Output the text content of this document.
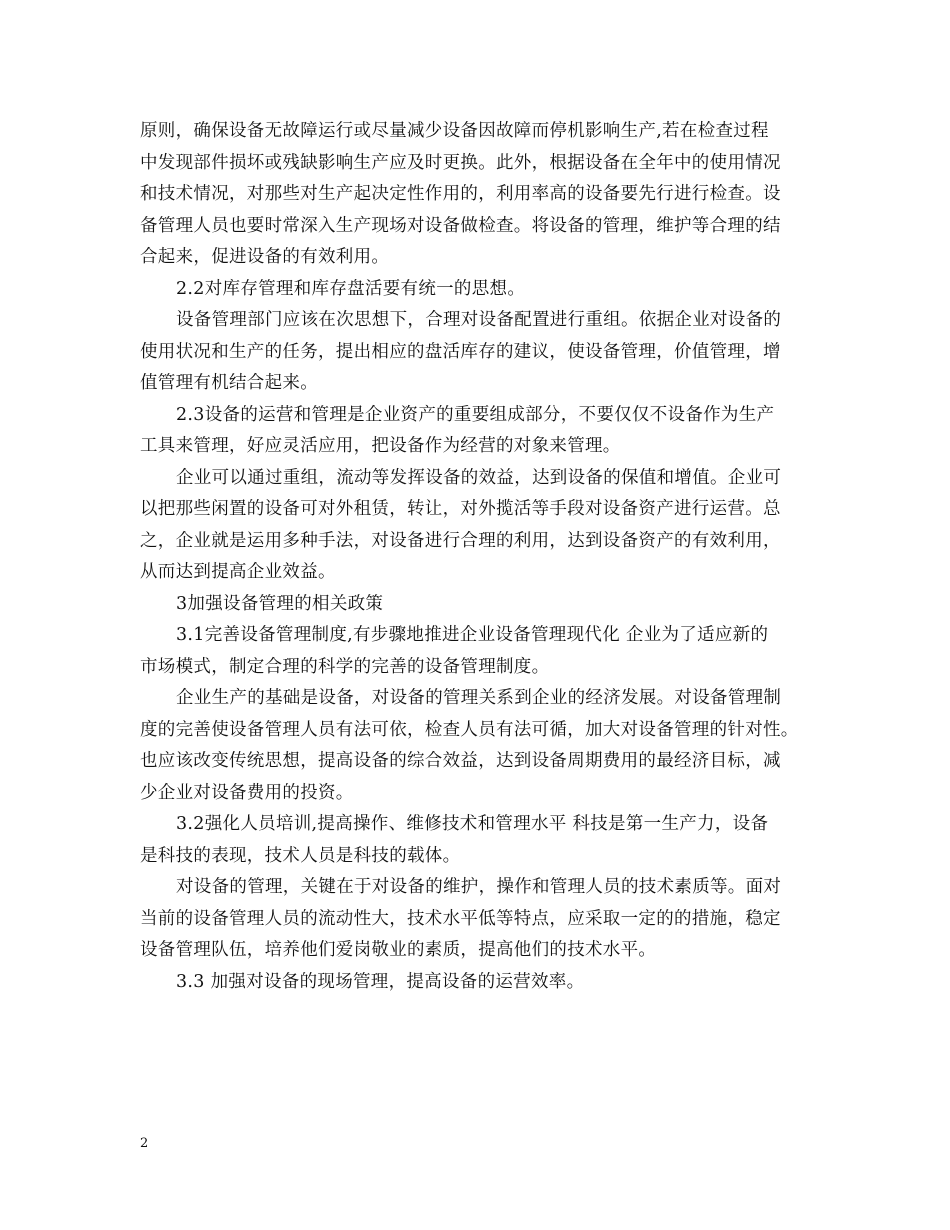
原则，确保设备无故障运行或尽量减少设备因故障而停机影响生产,若在检查过程
中发现部件损坏或残缺影响生产应及时更换。此外，根据设备在全年中的使用情况
和技术情况，对那些对生产起决定性作用的，利用率高的设备要先行进行检查。设
备管理人员也要时常深入生产现场对设备做检查。将设备的管理，维护等合理的结
合起来，促进设备的有效利用。
2.2对库存管理和库存盘活要有统一的思想。
设备管理部门应该在次思想下，合理对设备配置进行重组。依据企业对设备的
使用状况和生产的任务，提出相应的盘活库存的建议，使设备管理，价值管理，增
值管理有机结合起来。
2.3设备的运营和管理是企业资产的重要组成部分，不要仅仅不设备作为生产
工具来管理，好应灵活应用，把设备作为经营的对象来管理。
企业可以通过重组，流动等发挥设备的效益，达到设备的保值和增值。企业可
以把那些闲置的设备可对外租赁，转让，对外揽活等手段对设备资产进行运营。总
之，企业就是运用多种手法，对设备进行合理的利用，达到设备资产的有效利用，
从而达到提高企业效益。
3加强设备管理的相关政策
3.1完善设备管理制度,有步骤地推进企业设备管理现代化 企业为了适应新的
市场模式，制定合理的科学的完善的设备管理制度。
企业生产的基础是设备，对设备的管理关系到企业的经济发展。对设备管理制
度的完善使设备管理人员有法可依，检查人员有法可循，加大对设备管理的针对性。
也应该改变传统思想，提高设备的综合效益，达到设备周期费用的最经济目标，减
少企业对设备费用的投资。
3.2强化人员培训,提高操作、维修技术和管理水平 科技是第一生产力，设备
是科技的表现，技术人员是科技的载体。
对设备的管理，关键在于对设备的维护，操作和管理人员的技术素质等。面对
当前的设备管理人员的流动性大，技术水平低等特点，应采取一定的的措施，稳定
设备管理队伍，培养他们爱岗敬业的素质，提高他们的技术水平。
3.3 加强对设备的现场管理，提高设备的运营效率。
2
